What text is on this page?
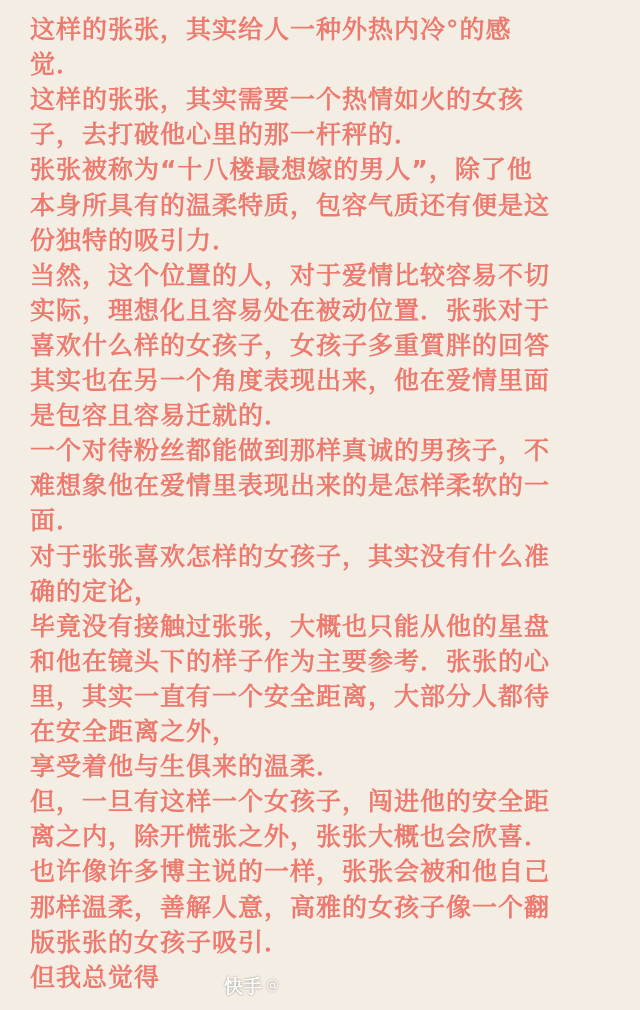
这样的张张，其实给人一种外热内冷°的感
觉．
这样的张张，其实需要一个热情如火的女孩
子，去打破他心里的那一杆秤的．
张张被称为“十八楼最想嫁的男人”，除了他
本身所具有的温柔特质，包容气质还有便是这
份独特的吸引力．
当然，这个位置的人，对于爱情比较容易不切
实际，理想化且容易处在被动位置．张张对于
喜欢什么样的女孩子，女孩子多重質胖的回答
其实也在另一个角度表现出来，他在爱情里面
是包容且容易迁就的．
一个对待粉丝都能做到那样真诚的男孩子，不
难想象他在爱情里表现出来的是怎样柔软的一
面．
对于张张喜欢怎样的女孩子，其实没有什么准
确的定论，
毕竟没有接触过张张，大概也只能从他的星盘
和他在镜头下的样子作为主要参考．张张的心
里，其实一直有一个安全距离，大部分人都待
在安全距离之外，
享受着他与生俱来的温柔．
但，一旦有这样一个女孩子，闯进他的安全距
离之内，除开慌张之外，张张大概也会欣喜．
也许像许多博主说的一样，张张会被和他自己
那样温柔，善解人意，高雅的女孩子像一个翻
版张张的女孩子吸引．
但我总觉得	快手 @
